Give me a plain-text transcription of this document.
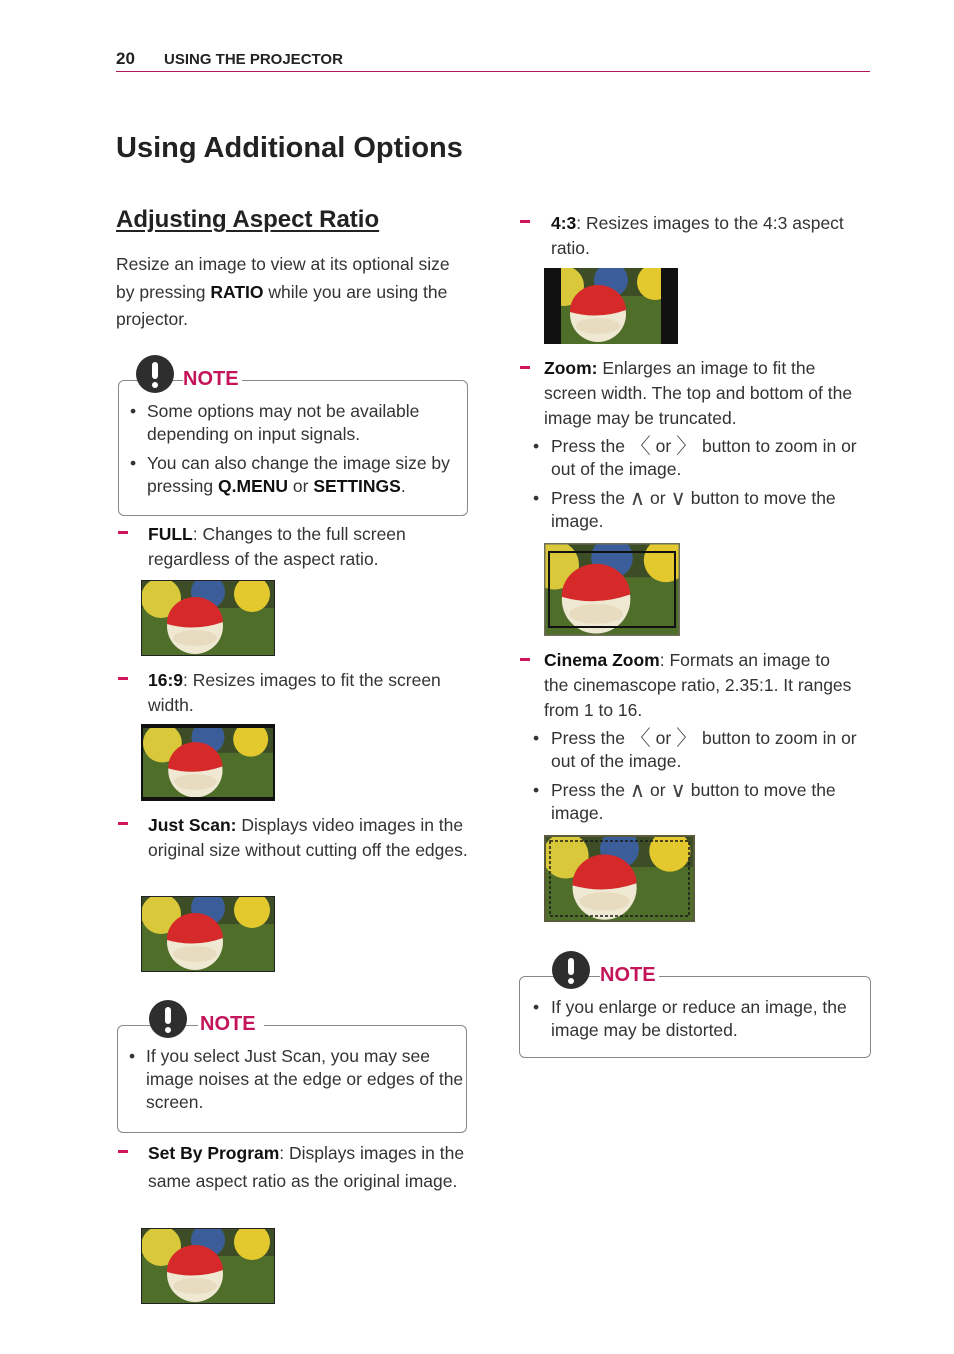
20 USING THE PROJECTOR
Using Additional Options
Adjusting Aspect Ratio
Resize an image to view at its optional size by pressing RATIO while you are using the projector.
NOTE
• Some options may not be available depending on input signals.
• You can also change the image size by pressing Q.MENU or SETTINGS.
FULL: Changes to the full screen regardless of the aspect ratio.
16:9: Resizes images to fit the screen width.
Just Scan: Displays video images in the original size without cutting off the edges.
NOTE
• If you select Just Scan, you may see image noises at the edge or edges of the screen.
Set By Program: Displays images in the same aspect ratio as the original image.
4:3: Resizes images to the 4:3 aspect ratio.
Zoom: Enlarges an image to fit the screen width. The top and bottom of the image may be truncated.
• Press the 〈 or 〉 button to zoom in or out of the image.
• Press the ∧ or ∨ button to move the image.
Cinema Zoom: Formats an image to the cinemascope ratio, 2.35:1. It ranges from 1 to 16.
• Press the 〈 or 〉 button to zoom in or out of the image.
• Press the ∧ or ∨ button to move the image.
NOTE
• If you enlarge or reduce an image, the image may be distorted.
